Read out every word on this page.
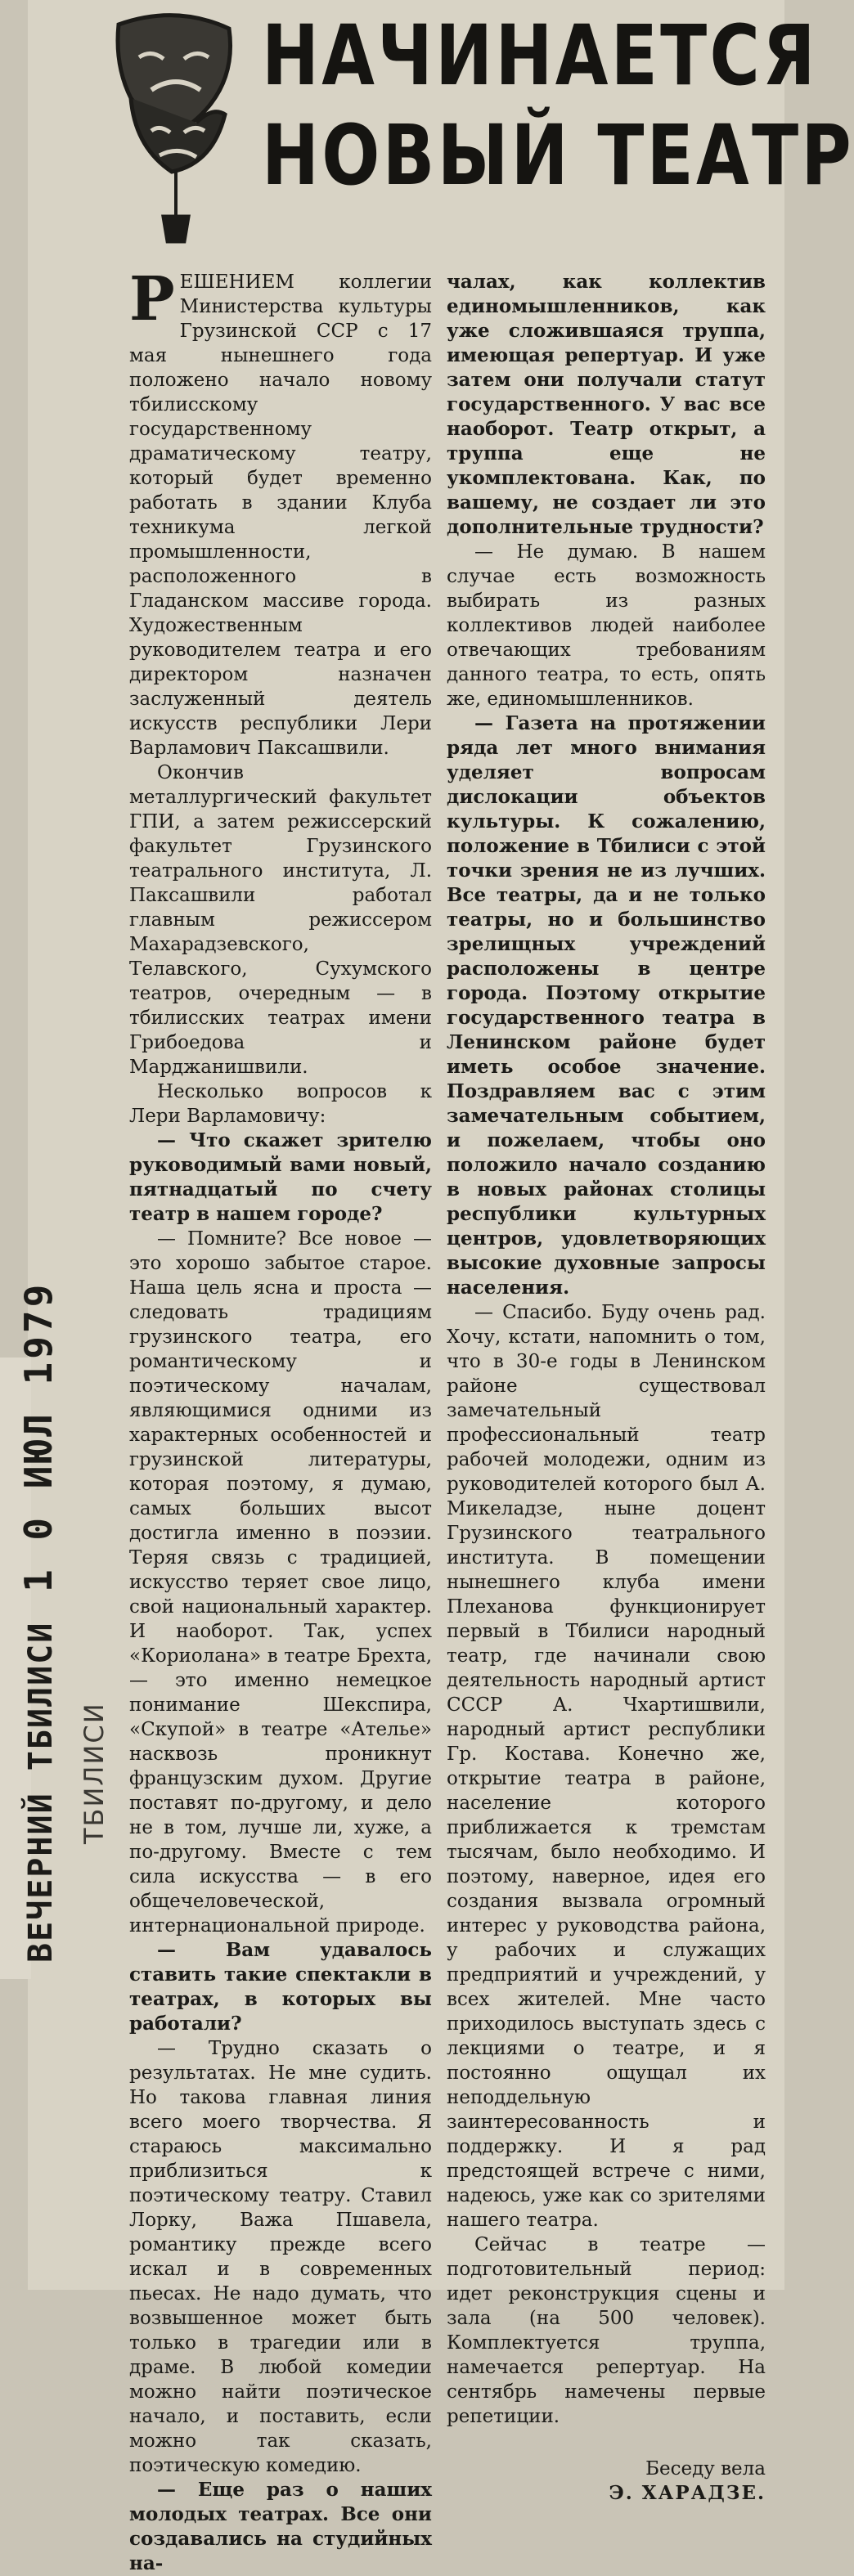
НАЧИНАЕТСЯ
НОВЫЙ ТЕАТР

РЕШЕНИЕМ коллегии Министерства культуры Грузинской ССР с 17 мая нынешнего года положено начало новому тбилисскому государственному драматическому театру, который будет временно работать в здании Клуба техникума легкой промышленности, расположенного в Гладанском массиве города. Художественным руководителем театра и его директором назначен заслуженный деятель искусств республики Лери Варламович Паксашвили.

Окончив металлургический факультет ГПИ, а затем режиссерский факультет Грузинского театрального института, Л. Паксашвили работал главным режиссером Махарадзевского, Телавского, Сухумского театров, очередным — в тбилисских театрах имени Грибоедова и Марджанишвили.

Несколько вопросов к Лери Варламовичу:

— Что скажет зрителю руководимый вами новый, пятнадцатый по счету театр в нашем городе?

— Помните? Все новое — это хорошо забытое старое. Наша цель ясна и проста — следовать традициям грузинского театра, его романтическому и поэтическому началам, являющимися одними из характерных особенностей и грузинской литературы, которая поэтому, я думаю, самых больших высот достигла именно в поэзии. Теряя связь с традицией, искусство теряет свое лицо, свой национальный характер. И наоборот. Так, успех «Кориолана» в театре Брехта, — это именно немецкое понимание Шекспира, «Скупой» в театре «Ателье» насквозь проникнут французским духом. Другие поставят по-другому, и дело не в том, лучше ли, хуже, а по-другому. Вместе с тем сила искусства — в его общечеловеческой, интернациональной природе.

— Вам удавалось ставить такие спектакли в театрах, в которых вы работали?

— Трудно сказать о результатах. Не мне судить. Но такова главная линия всего моего творчества. Я стараюсь максимально приблизиться к поэтическому театру. Ставил Лорку, Важа Пшавела, романтику прежде всего искал и в современных пьесах. Не надо думать, что возвышенное может быть только в трагедии или в драме. В любой комедии можно найти поэтическое начало, и поставить, если можно так сказать, поэтическую комедию.

— Еще раз о наших молодых театрах. Все они создавались на студийных на-

чалах, как коллектив единомышленников, как уже сложившаяся труппа, имеющая репертуар. И уже затем они получали статут государственного. У вас все наоборот. Театр открыт, а труппа еще не укомплектована. Как, по вашему, не создает ли это дополнительные трудности?

— Не думаю. В нашем случае есть возможность выбирать из разных коллективов людей наиболее отвечающих требованиям данного театра, то есть, опять же, единомышленников.

— Газета на протяжении ряда лет много внимания уделяет вопросам дислокации объектов культуры. К сожалению, положение в Тбилиси с этой точки зрения не из лучших. Все театры, да и не только театры, но и большинство зрелищных учреждений расположены в центре города. Поэтому открытие государственного театра в Ленинском районе будет иметь особое значение. Поздравляем вас с этим замечательным событием, и пожелаем, чтобы оно положило начало созданию в новых районах столицы республики культурных центров, удовлетворяющих высокие духовные запросы населения.

— Спасибо. Буду очень рад. Хочу, кстати, напомнить о том, что в 30-е годы в Ленинском районе существовал замечательный профессиональный театр рабочей молодежи, одним из руководителей которого был А. Микеладзе, ныне доцент Грузинского театрального института. В помещении нынешнего клуба имени Плеханова функционирует первый в Тбилиси народный театр, где начинали свою деятельность народный артист СССР А. Чхартишвили, народный артист республики Гр. Костава. Конечно же, открытие театра в районе, население которого приближается к тремстам тысячам, было необходимо. И поэтому, наверное, идея его создания вызвала огромный интерес у руководства района, у рабочих и служащих предприятий и учреждений, у всех жителей. Мне часто приходилось выступать здесь с лекциями о театре, и я постоянно ощущал их неподдельную заинтересованность и поддержку. И я рад предстоящей встрече с ними, надеюсь, уже как со зрителями нашего театра.

Сейчас в театре — подготовительный период: идет реконструкция сцены и зала (на 500 человек). Комплектуется труппа, намечается репертуар. На сентябрь намечены первые репетиции.

Беседу вела
Э. ХАРАДЗЕ.
ВЕЧЕРНИЙ ТБИЛИСИ 1 0 ИЮЛ 1979
ТБИЛИСИ
